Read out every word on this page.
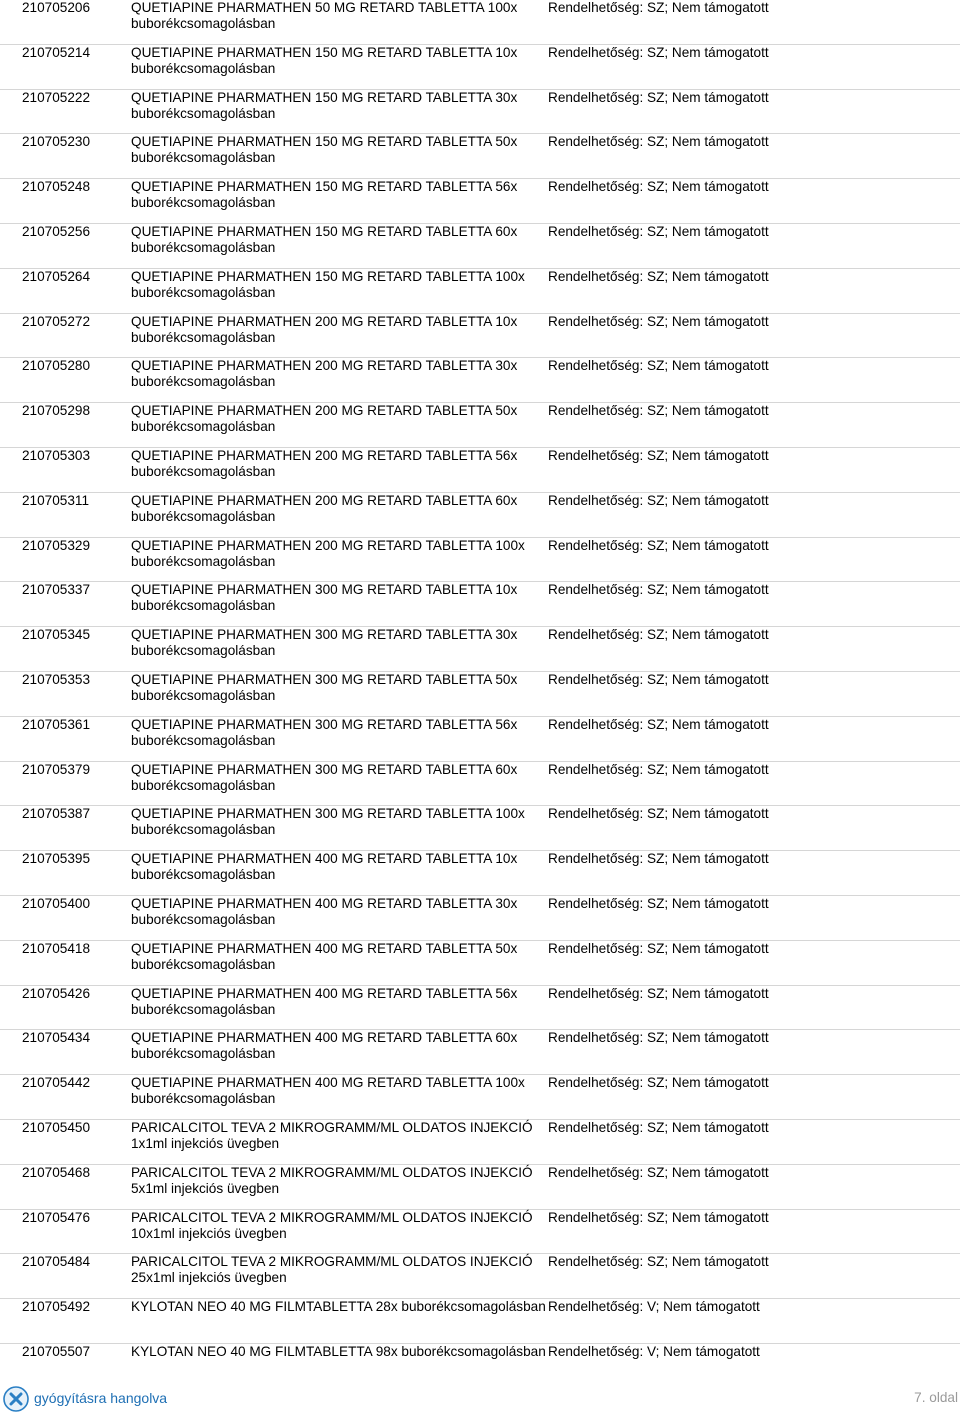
210705206	QUETIAPINE PHARMATHEN 50 MG RETARD TABLETTA 100x buborékcsomagolásban
Rendelhetőség: SZ; Nem támogatott
210705214	QUETIAPINE PHARMATHEN 150 MG RETARD TABLETTA 10x buborékcsomagolásban
Rendelhetőség: SZ; Nem támogatott
210705222	QUETIAPINE PHARMATHEN 150 MG RETARD TABLETTA 30x buborékcsomagolásban
Rendelhetőség: SZ; Nem támogatott
210705230	QUETIAPINE PHARMATHEN 150 MG RETARD TABLETTA 50x buborékcsomagolásban
Rendelhetőség: SZ; Nem támogatott
210705248	QUETIAPINE PHARMATHEN 150 MG RETARD TABLETTA 56x buborékcsomagolásban
Rendelhetőség: SZ; Nem támogatott
210705256	QUETIAPINE PHARMATHEN 150 MG RETARD TABLETTA 60x buborékcsomagolásban
Rendelhetőség: SZ; Nem támogatott
210705264	QUETIAPINE PHARMATHEN 150 MG RETARD TABLETTA 100x buborékcsomagolásban
Rendelhetőség: SZ; Nem támogatott
210705272	QUETIAPINE PHARMATHEN 200 MG RETARD TABLETTA 10x buborékcsomagolásban
Rendelhetőség: SZ; Nem támogatott
210705280	QUETIAPINE PHARMATHEN 200 MG RETARD TABLETTA 30x buborékcsomagolásban
Rendelhetőség: SZ; Nem támogatott
210705298	QUETIAPINE PHARMATHEN 200 MG RETARD TABLETTA 50x buborékcsomagolásban
Rendelhetőség: SZ; Nem támogatott
210705303	QUETIAPINE PHARMATHEN 200 MG RETARD TABLETTA 56x buborékcsomagolásban
Rendelhetőség: SZ; Nem támogatott
210705311	QUETIAPINE PHARMATHEN 200 MG RETARD TABLETTA 60x buborékcsomagolásban
Rendelhetőség: SZ; Nem támogatott
210705329	QUETIAPINE PHARMATHEN 200 MG RETARD TABLETTA 100x buborékcsomagolásban
Rendelhetőség: SZ; Nem támogatott
210705337	QUETIAPINE PHARMATHEN 300 MG RETARD TABLETTA 10x buborékcsomagolásban
Rendelhetőség: SZ; Nem támogatott
210705345	QUETIAPINE PHARMATHEN 300 MG RETARD TABLETTA 30x buborékcsomagolásban
Rendelhetőség: SZ; Nem támogatott
210705353	QUETIAPINE PHARMATHEN 300 MG RETARD TABLETTA 50x buborékcsomagolásban
Rendelhetőség: SZ; Nem támogatott
210705361	QUETIAPINE PHARMATHEN 300 MG RETARD TABLETTA 56x buborékcsomagolásban
Rendelhetőség: SZ; Nem támogatott
210705379	QUETIAPINE PHARMATHEN 300 MG RETARD TABLETTA 60x buborékcsomagolásban
Rendelhetőség: SZ; Nem támogatott
210705387	QUETIAPINE PHARMATHEN 300 MG RETARD TABLETTA 100x buborékcsomagolásban
Rendelhetőség: SZ; Nem támogatott
210705395	QUETIAPINE PHARMATHEN 400 MG RETARD TABLETTA 10x buborékcsomagolásban
Rendelhetőség: SZ; Nem támogatott
210705400	QUETIAPINE PHARMATHEN 400 MG RETARD TABLETTA 30x buborékcsomagolásban
Rendelhetőség: SZ; Nem támogatott
210705418	QUETIAPINE PHARMATHEN 400 MG RETARD TABLETTA 50x buborékcsomagolásban
Rendelhetőség: SZ; Nem támogatott
210705426	QUETIAPINE PHARMATHEN 400 MG RETARD TABLETTA 56x buborékcsomagolásban
Rendelhetőség: SZ; Nem támogatott
210705434	QUETIAPINE PHARMATHEN 400 MG RETARD TABLETTA 60x buborékcsomagolásban
Rendelhetőség: SZ; Nem támogatott
210705442	QUETIAPINE PHARMATHEN 400 MG RETARD TABLETTA 100x buborékcsomagolásban
Rendelhetőség: SZ; Nem támogatott
210705450	PARICALCITOL TEVA 2 MIKROGRAMM/ML OLDATOS INJEKCIÓ 1x1ml injekciós üvegben
Rendelhetőség: SZ; Nem támogatott
210705468	PARICALCITOL TEVA 2 MIKROGRAMM/ML OLDATOS INJEKCIÓ 5x1ml injekciós üvegben
Rendelhetőség: SZ; Nem támogatott
210705476	PARICALCITOL TEVA 2 MIKROGRAMM/ML OLDATOS INJEKCIÓ 10x1ml injekciós üvegben
Rendelhetőség: SZ; Nem támogatott
210705484	PARICALCITOL TEVA 2 MIKROGRAMM/ML OLDATOS INJEKCIÓ 25x1ml injekciós üvegben
Rendelhetőség: SZ; Nem támogatott
210705492	KYLOTAN NEO 40 MG FILMTABLETTA 28x buborékcsomagolásban Rendelhetőség: V; Nem támogatott
210705507	KYLOTAN NEO 40 MG FILMTABLETTA 98x buborékcsomagolásban Rendelhetőség: V; Nem támogatott
gyógyításra hangolva	7. oldal
